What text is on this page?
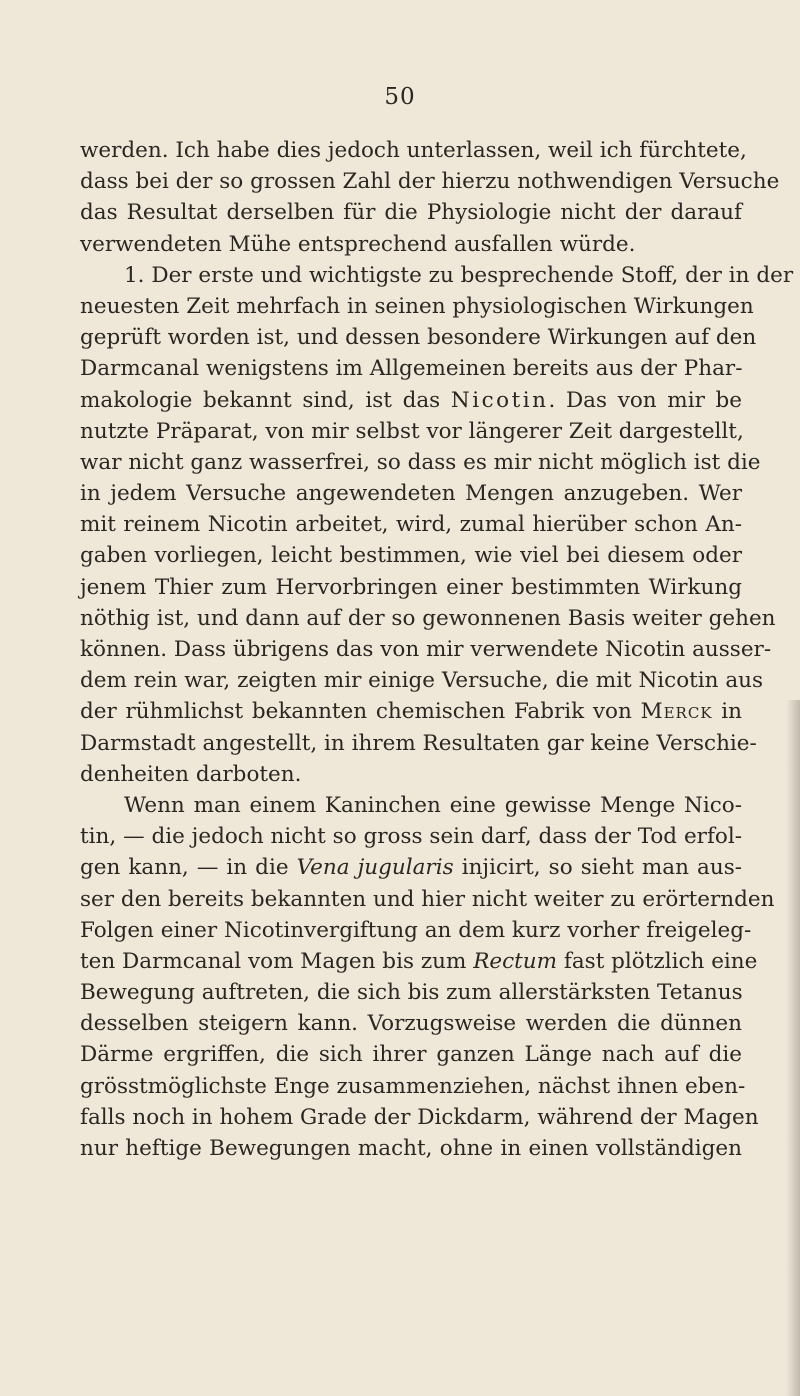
50
werden. Ich habe dies jedoch unterlassen, weil ich fürchtete,
dass bei der so grossen Zahl der hierzu nothwendigen Versuche
das Resultat derselben für die Physiologie nicht der darauf
verwendeten Mühe entsprechend ausfallen würde.
1. Der erste und wichtigste zu besprechende Stoff, der in der
neuesten Zeit mehrfach in seinen physiologischen Wirkungen
geprüft worden ist, und dessen besondere Wirkungen auf den
Darmcanal wenigstens im Allgemeinen bereits aus der Phar-
makologie bekannt sind, ist das Nicotin. Das von mir be
nutzte Präparat, von mir selbst vor längerer Zeit dargestellt,
war nicht ganz wasserfrei, so dass es mir nicht möglich ist die
in jedem Versuche angewendeten Mengen anzugeben. Wer
mit reinem Nicotin arbeitet, wird, zumal hierüber schon An-
gaben vorliegen, leicht bestimmen, wie viel bei diesem oder
jenem Thier zum Hervorbringen einer bestimmten Wirkung
nöthig ist, und dann auf der so gewonnenen Basis weiter gehen
können. Dass übrigens das von mir verwendete Nicotin ausser-
dem rein war, zeigten mir einige Versuche, die mit Nicotin aus
der rühmlichst bekannten chemischen Fabrik von Merck in
Darmstadt angestellt, in ihrem Resultaten gar keine Verschie-
denheiten darboten.
Wenn man einem Kaninchen eine gewisse Menge Nico-
tin, — die jedoch nicht so gross sein darf, dass der Tod erfol-
gen kann, — in die Vena jugularis injicirt, so sieht man aus-
ser den bereits bekannten und hier nicht weiter zu erörternden
Folgen einer Nicotinvergiftung an dem kurz vorher freigeleg-
ten Darmcanal vom Magen bis zum Rectum fast plötzlich eine
Bewegung auftreten, die sich bis zum allerstärksten Tetanus
desselben steigern kann. Vorzugsweise werden die dünnen
Därme ergriffen, die sich ihrer ganzen Länge nach auf die
grösstmöglichste Enge zusammenziehen, nächst ihnen eben-
falls noch in hohem Grade der Dickdarm, während der Magen
nur heftige Bewegungen macht, ohne in einen vollständigen
